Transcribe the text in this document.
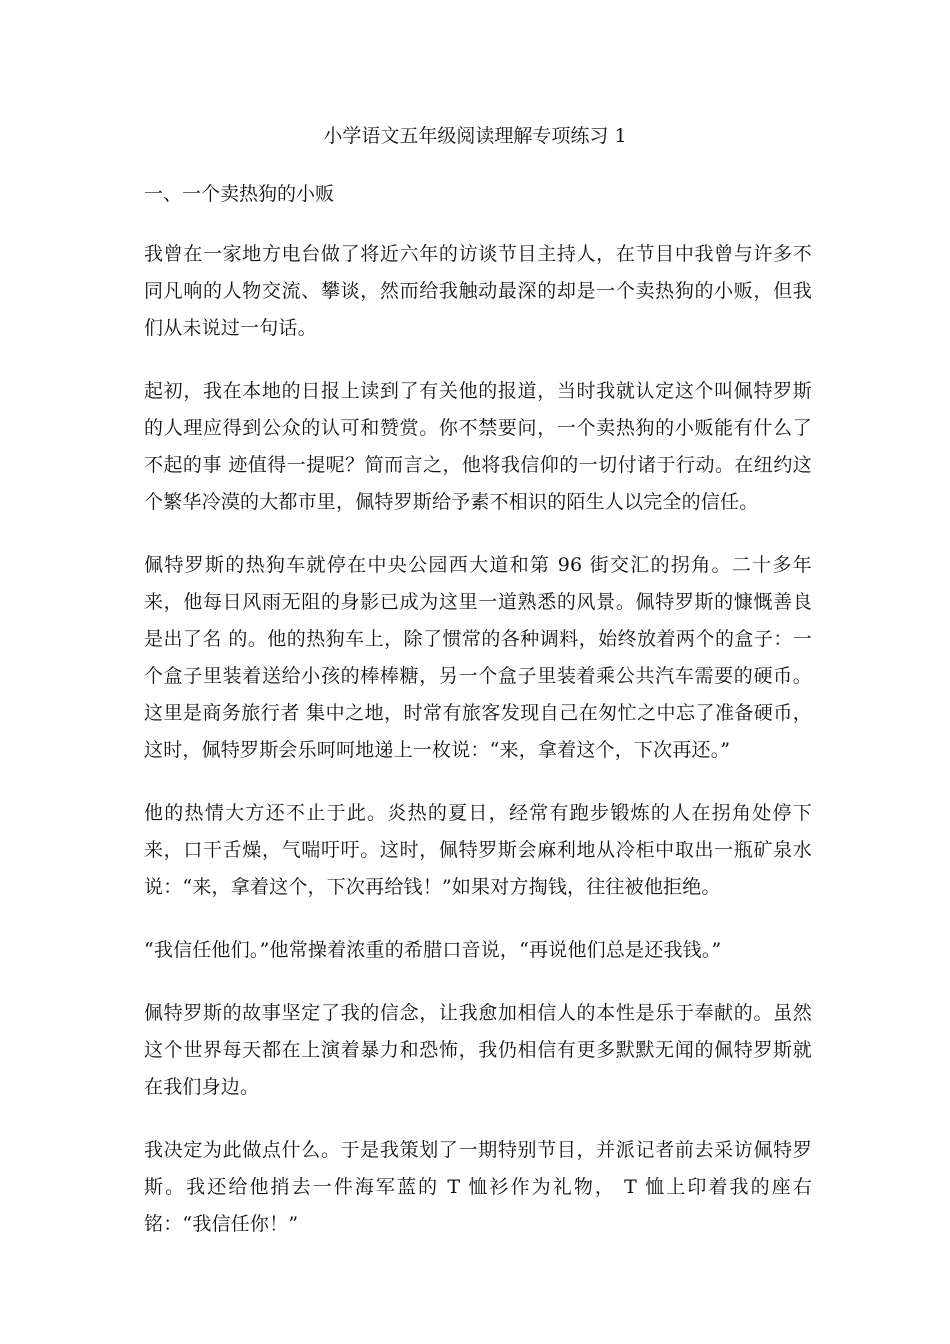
小学语文五年级阅读理解专项练习 1
一、一个卖热狗的小贩

我曾在一家地方电台做了将近六年的访谈节目主持人，在节目中我曾与许多不同凡响的人物交流、攀谈，然而给我触动最深的却是一个卖热狗的小贩，但我们从未说过一句话。

起初，我在本地的日报上读到了有关他的报道，当时我就认定这个叫佩特罗斯的人理应得到公众的认可和赞赏。你不禁要问，一个卖热狗的小贩能有什么了不起的事 迹值得一提呢？简而言之，他将我信仰的一切付诸于行动。在纽约这个繁华冷漠的大都市里，佩特罗斯给予素不相识的陌生人以完全的信任。

佩特罗斯的热狗车就停在中央公园西大道和第 96 街交汇的拐角。二十多年来，他每日风雨无阻的身影已成为这里一道熟悉的风景。佩特罗斯的慷慨善良是出了名 的。他的热狗车上，除了惯常的各种调料，始终放着两个的盒子：一个盒子里装着送给小孩的棒棒糖，另一个盒子里装着乘公共汽车需要的硬币。这里是商务旅行者 集中之地，时常有旅客发现自己在匆忙之中忘了准备硬币，这时，佩特罗斯会乐呵呵地递上一枚说：“来，拿着这个，下次再还。”

他的热情大方还不止于此。炎热的夏日，经常有跑步锻炼的人在拐角处停下来，口干舌燥，气喘吁吁。这时，佩特罗斯会麻利地从冷柜中取出一瓶矿泉水说：“来，拿着这个，下次再给钱！”如果对方掏钱，往往被他拒绝。

“我信任他们。”他常操着浓重的希腊口音说，“再说他们总是还我钱。”

佩特罗斯的故事坚定了我的信念，让我愈加相信人的本性是乐于奉献的。虽然这个世界每天都在上演着暴力和恐怖，我仍相信有更多默默无闻的佩特罗斯就在我们身边。

我决定为此做点什么。于是我策划了一期特别节目，并派记者前去采访佩特罗斯。我还给他捎去一件海军蓝的 T 恤衫作为礼物， T 恤上印着我的座右铭：“我信任你！”
